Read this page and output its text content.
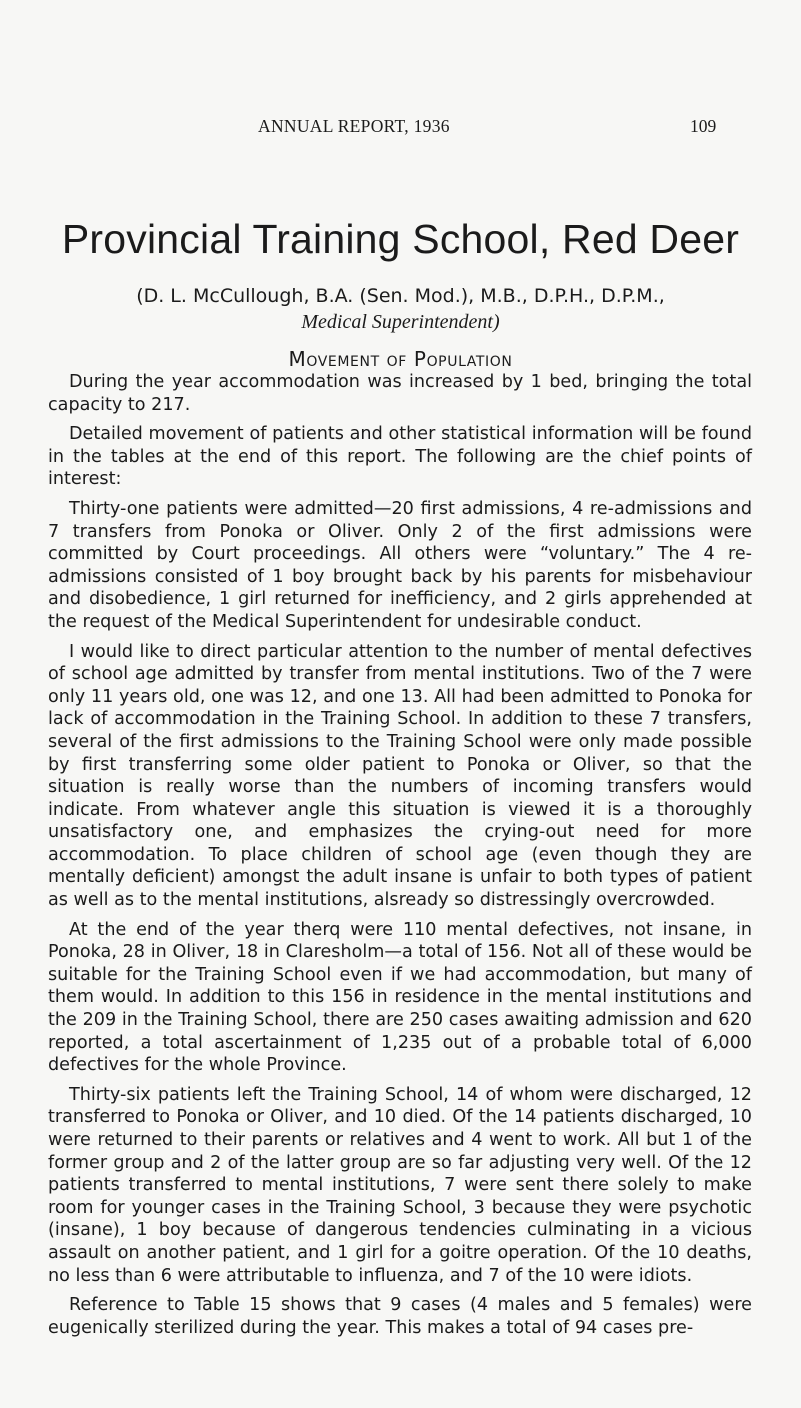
ANNUAL REPORT, 1936	109
Provincial Training School, Red Deer
(D. L. McCullough, B.A. (Sen. Mod.), M.B., D.P.H., D.P.M.,
Medical Superintendent)
Movement of Population

During the year accommodation was increased by 1 bed, bringing the total capacity to 217.

Detailed movement of patients and other statistical information will be found in the tables at the end of this report. The following are the chief points of interest:

Thirty-one patients were admitted—20 first admissions, 4 re-admissions and 7 transfers from Ponoka or Oliver. Only 2 of the first admissions were committed by Court proceedings. All others were “voluntary.” The 4 re-admissions consisted of 1 boy brought back by his parents for misbehaviour and disobedience, 1 girl returned for inefficiency, and 2 girls apprehended at the request of the Medical Superintendent for undesirable conduct.

I would like to direct particular attention to the number of mental defectives of school age admitted by transfer from mental institutions. Two of the 7 were only 11 years old, one was 12, and one 13. All had been admitted to Ponoka for lack of accommodation in the Training School. In addition to these 7 transfers, several of the first admissions to the Training School were only made possible by first transferring some older patient to Ponoka or Oliver, so that the situation is really worse than the numbers of incoming transfers would indicate. From whatever angle this situation is viewed it is a thoroughly unsatisfactory one, and emphasizes the crying-out need for more accommodation. To place children of school age (even though they are mentally deficient) amongst the adult insane is unfair to both types of patient as well as to the mental institutions, alsready so distressingly overcrowded.

At the end of the year therq were 110 mental defectives, not insane, in Ponoka, 28 in Oliver, 18 in Claresholm—a total of 156. Not all of these would be suitable for the Training School even if we had accommodation, but many of them would. In addition to this 156 in residence in the mental institutions and the 209 in the Training School, there are 250 cases awaiting admission and 620 reported, a total ascertainment of 1,235 out of a probable total of 6,000 defectives for the whole Province.

Thirty-six patients left the Training School, 14 of whom were discharged, 12 transferred to Ponoka or Oliver, and 10 died. Of the 14 patients discharged, 10 were returned to their parents or relatives and 4 went to work. All but 1 of the former group and 2 of the latter group are so far adjusting very well. Of the 12 patients transferred to mental institutions, 7 were sent there solely to make room for younger cases in the Training School, 3 because they were psychotic (insane), 1 boy because of dangerous tendencies culminating in a vicious assault on another patient, and 1 girl for a goitre operation. Of the 10 deaths, no less than 6 were attributable to influenza, and 7 of the 10 were idiots.

Reference to Table 15 shows that 9 cases (4 males and 5 females) were eugenically sterilized during the year. This makes a total of 94 cases pre-
